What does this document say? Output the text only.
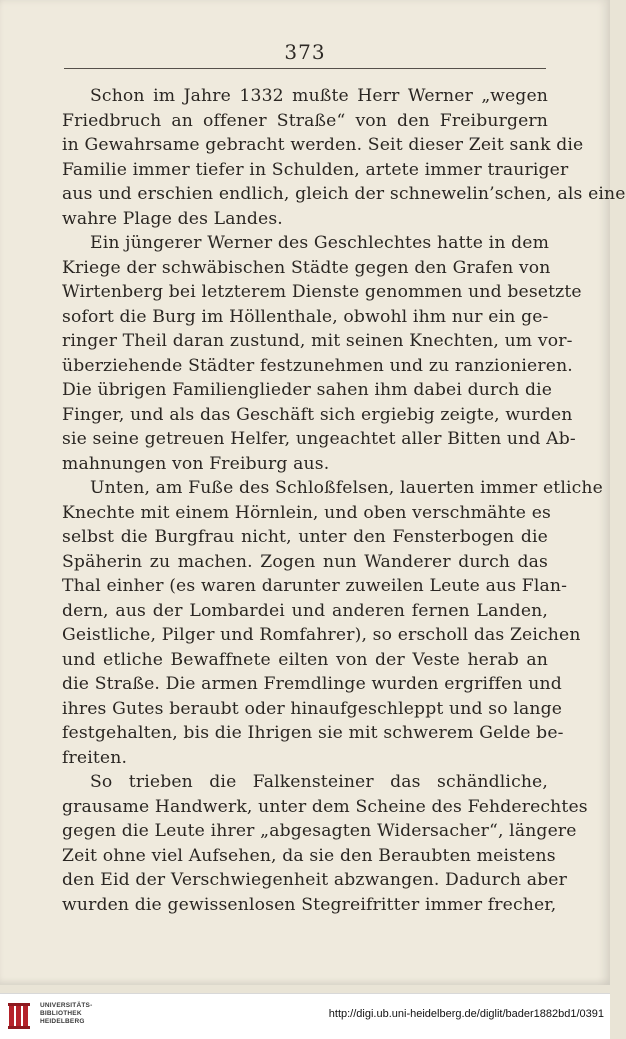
373
Schon im Jahre 1332 mußte Herr Werner „wegen
Friedbruch an offener Straße“ von den Freiburgern
in Gewahrsame gebracht werden. Seit dieser Zeit sank die
Familie immer tiefer in Schulden, artete immer trauriger
aus und erschien endlich, gleich der schnewelin’schen, als eine
wahre Plage des Landes.
Ein jüngerer Werner des Geschlechtes hatte in dem
Kriege der schwäbischen Städte gegen den Grafen von
Wirtenberg bei letzterem Dienste genommen und besetzte
sofort die Burg im Höllenthale, obwohl ihm nur ein ge-
ringer Theil daran zustund, mit seinen Knechten, um vor-
überziehende Städter festzunehmen und zu ranzionieren.
Die übrigen Familienglieder sahen ihm dabei durch die
Finger, und als das Geschäft sich ergiebig zeigte, wurden
sie seine getreuen Helfer, ungeachtet aller Bitten und Ab-
mahnungen von Freiburg aus.
Unten, am Fuße des Schloßfelsen, lauerten immer etliche
Knechte mit einem Hörnlein, und oben verschmähte es
selbst die Burgfrau nicht, unter den Fensterbogen die
Späherin zu machen. Zogen nun Wanderer durch das
Thal einher (es waren darunter zuweilen Leute aus Flan-
dern, aus der Lombardei und anderen fernen Landen,
Geistliche, Pilger und Romfahrer), so erscholl das Zeichen
und etliche Bewaffnete eilten von der Veste herab an
die Straße. Die armen Fremdlinge wurden ergriffen und
ihres Gutes beraubt oder hinaufgeschleppt und so lange
festgehalten, bis die Ihrigen sie mit schwerem Gelde be-
freiten.
So trieben die Falkensteiner das schändliche,
grausame Handwerk, unter dem Scheine des Fehderechtes
gegen die Leute ihrer „abgesagten Widersacher“, längere
Zeit ohne viel Aufsehen, da sie den Beraubten meistens
den Eid der Verschwiegenheit abzwangen. Dadurch aber
wurden die gewissenlosen Stegreifritter immer frecher,
UNIVERSITÄTS-
BIBLIOTHEK
HEIDELBERG
http://digi.ub.uni-heidelberg.de/diglit/bader1882bd1/0391
